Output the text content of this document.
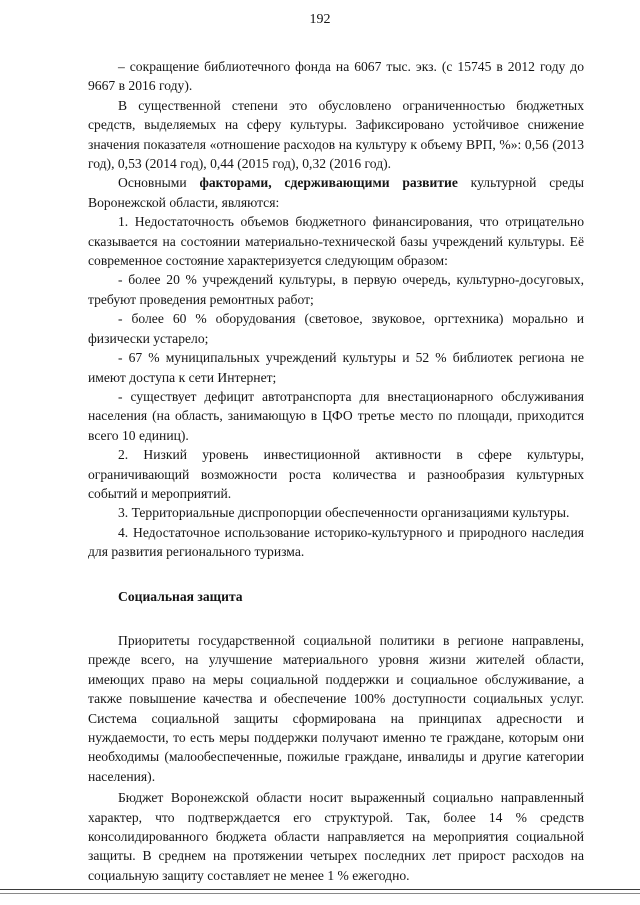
192

– сокращение библиотечного фонда на 6067 тыс. экз. (с 15745 в 2012 году до 9667 в 2016 году).

В существенной степени это обусловлено ограниченностью бюджетных средств, выделяемых на сферу культуры. Зафиксировано устойчивое снижение значения показателя «отношение расходов на культуру к объему ВРП, %»: 0,56 (2013 год), 0,53 (2014 год), 0,44 (2015 год), 0,32 (2016 год).

Основными факторами, сдерживающими развитие культурной среды Воронежской области, являются:

1. Недостаточность объемов бюджетного финансирования, что отрицательно сказывается на состоянии материально-технической базы учреждений культуры. Её современное состояние характеризуется следующим образом:

- более 20 % учреждений культуры, в первую очередь, культурно-досуговых, требуют проведения ремонтных работ;

- более 60 % оборудования (световое, звуковое, оргтехника) морально и физически устарело;

- 67 % муниципальных учреждений культуры и 52 % библиотек региона не имеют доступа к сети Интернет;

- существует дефицит автотранспорта для внестационарного обслуживания населения (на область, занимающую в ЦФО третье место по площади, приходится всего 10 единиц).

2. Низкий уровень инвестиционной активности в сфере культуры, ограничивающий возможности роста количества и разнообразия культурных событий и мероприятий.

3. Территориальные диспропорции обеспеченности организациями культуры.

4. Недостаточное использование историко-культурного и природного наследия для развития регионального туризма.

Социальная защита

Приоритеты государственной социальной политики в регионе направлены, прежде всего, на улучшение материального уровня жизни жителей области, имеющих право на меры социальной поддержки и социальное обслуживание, а также повышение качества и обеспечение 100% доступности социальных услуг. Система социальной защиты сформирована на принципах адресности и нуждаемости, то есть меры поддержки получают именно те граждане, которым они необходимы (малообеспеченные, пожилые граждане, инвалиды и другие категории населения).

Бюджет Воронежской области носит выраженный социально направленный характер, что подтверждается его структурой. Так, более 14 % средств консолидированного бюджета области направляется на мероприятия социальной защиты. В среднем на протяжении четырех последних лет прирост расходов на социальную защиту составляет не менее 1 % ежегодно.
